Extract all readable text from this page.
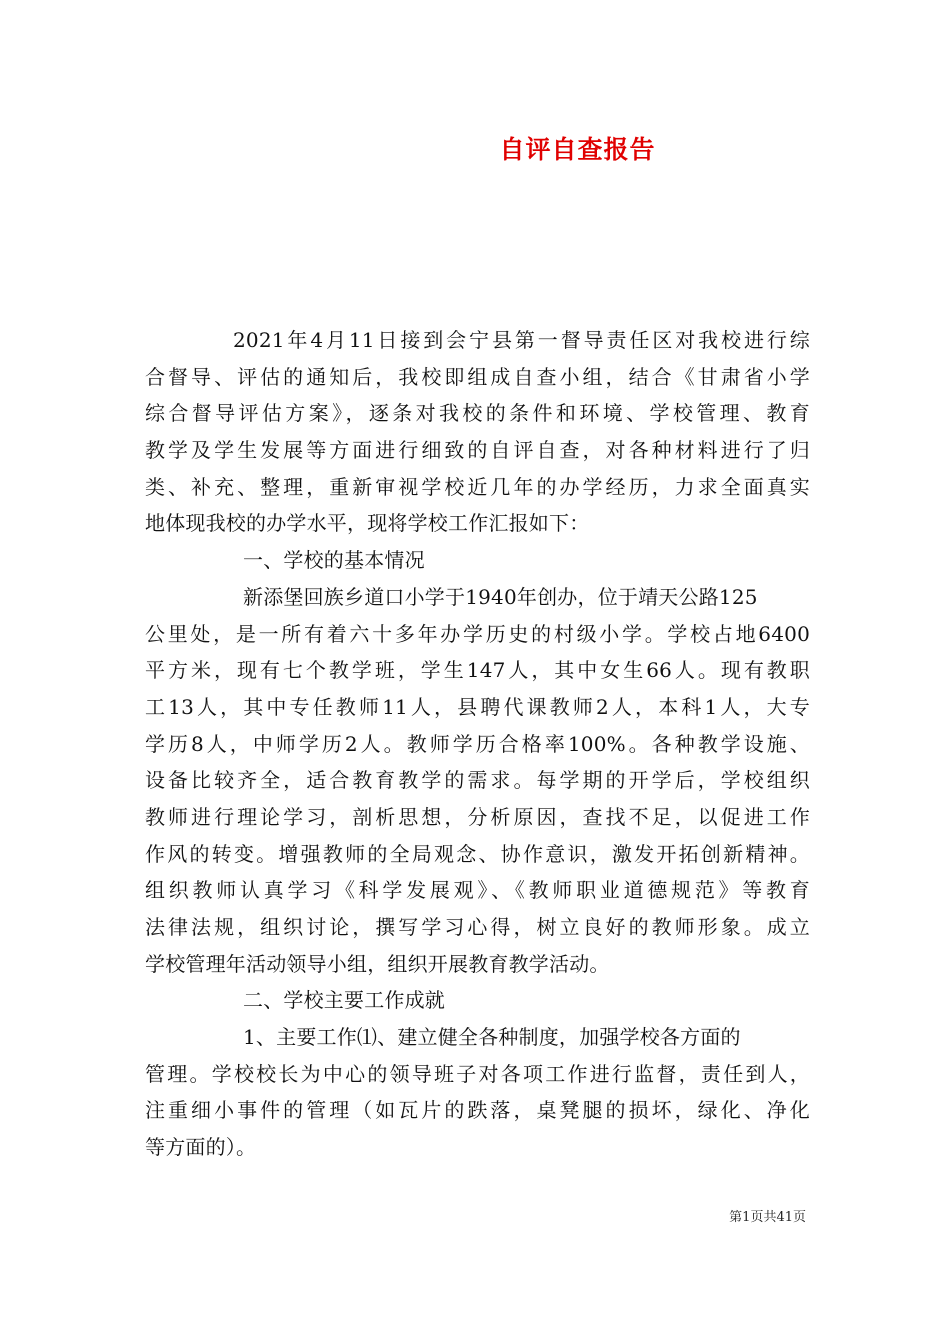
自评自查报告
2021年4月11日接到会宁县第一督导责任区对我校进行综
合督导、评估的通知后，我校即组成自查小组，结合《甘肃省小学
综合督导评估方案》，逐条对我校的条件和环境、学校管理、教育
教学及学生发展等方面进行细致的自评自查，对各种材料进行了归
类、补充、整理，重新审视学校近几年的办学经历，力求全面真实
地体现我校的办学水平，现将学校工作汇报如下：
一、学校的基本情况
新添堡回族乡道口小学于1940年创办，位于靖天公路125
公里处，是一所有着六十多年办学历史的村级小学。学校占地6400
平方米，现有七个教学班，学生147人，其中女生66人。现有教职
工13人，其中专任教师11人，县聘代课教师2人，本科1人，大专
学历8人，中师学历2人。教师学历合格率100%。各种教学设施、
设备比较齐全，适合教育教学的需求。每学期的开学后，学校组织
教师进行理论学习，剖析思想，分析原因，查找不足，以促进工作
作风的转变。增强教师的全局观念、协作意识，激发开拓创新精神。
组织教师认真学习《科学发展观》、《教师职业道德规范》等教育
法律法规，组织讨论，撰写学习心得，树立良好的教师形象。成立
学校管理年活动领导小组，组织开展教育教学活动。
二、学校主要工作成就
1、主要工作⑴、建立健全各种制度，加强学校各方面的
管理。学校校长为中心的领导班子对各项工作进行监督，责任到人，
注重细小事件的管理（如瓦片的跌落，桌凳腿的损坏，绿化、净化
等方面的）。
第1页共41页
